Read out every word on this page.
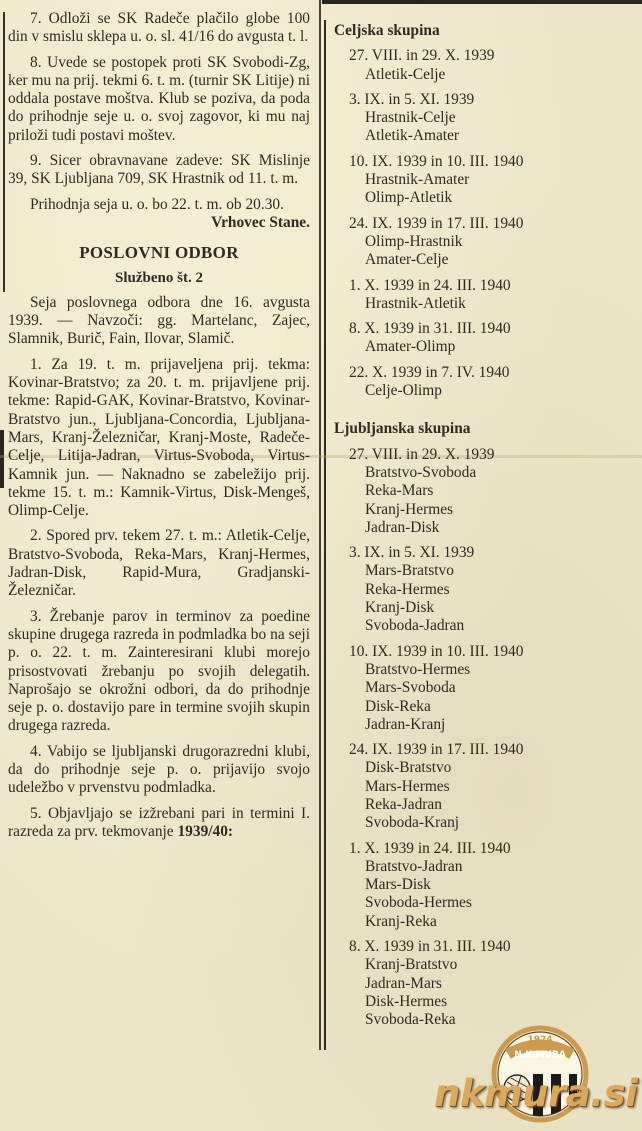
7. Odloži se SK Radeče plačilo globe 100 din v smislu sklepa u. o. sl. 41/16 do avgusta t. l.

8. Uvede se postopek proti SK Svobodi-Zg, ker mu na prij. tekmi 6. t. m. (turnir SK Litije) ni oddala postave moštva. Klub se poziva, da poda do prihodnje seje u. o. svoj zagovor, ki mu naj priloži tudi postavi moštev.

9. Sicer obravnavane zadeve: SK Mislinje 39, SK Ljubljana 709, SK Hrastnik od 11. t. m.

Prihodnja seja u. o. bo 22. t. m. ob 20.30.
Vrhovec Stane.

POSLOVNI ODBOR
Službeno št. 2

Seja poslovnega odbora dne 16. avgusta 1939. — Navzoči: gg. Martelanc, Zajec, Slamnik, Burič, Fain, Ilovar, Slamič.

1. Za 19. t. m. prijaveljena prij. tekma: Kovinar-Bratstvo; za 20. t. m. prijavljene prij. tekme: Rapid-GAK, Kovinar-Bratstvo, Kovinar-Bratstvo jun., Ljubljana-Concordia, Ljubljana-Mars, Kranj-Železničar, Kranj-Moste, Radeče-Celje, Litija-Jadran, Virtus-Svoboda, Virtus-Kamnik jun. — Naknadno se zabeležijo prij. tekme 15. t. m.: Kamnik-Virtus, Disk-Mengeš, Olimp-Celje.

2. Spored prv. tekem 27. t. m.: Atletik-Celje, Bratstvo-Svoboda, Reka-Mars, Kranj-Hermes, Jadran-Disk, Rapid-Mura, Gradjanski-Železničar.

3. Žrebanje parov in terminov za poedine skupine drugega razreda in podmladka bo na seji p. o. 22. t. m. Zainteresirani klubi morejo prisostvovati žrebanju po svojih delegatih. Naprošajo se okrožni odbori, da do prihodnje seje p. o. dostavijo pare in termine svojih skupin drugega razreda.

4. Vabijo se ljubljanski drugorazredni klubi, da do prihodnje seje p. o. prijavijo svojo udeležbo v prvenstvu podmladka.

5. Objavljajo se izžrebani pari in termini I. razreda za prv. tekmovanje 1939/40:

Celjska skupina
27. VIII. in 29. X. 1939
Atletik-Celje
3. IX. in 5. XI. 1939
Hrastnik-Celje
Atletik-Amater
10. IX. 1939 in 10. III. 1940
Hrastnik-Amater
Olimp-Atletik
24. IX. 1939 in 17. III. 1940
Olimp-Hrastnik
Amater-Celje
1. X. 1939 in 24. III. 1940
Hrastnik-Atletik
8. X. 1939 in 31. III. 1940
Amater-Olimp
22. X. 1939 in 7. IV. 1940
Celje-Olimp
Ljubljanska skupina
27. VIII. in 29. X. 1939
Bratstvo-Svoboda
Reka-Mars
Kranj-Hermes
Jadran-Disk
3. IX. in 5. XI. 1939
Mars-Bratstvo
Reka-Hermes
Kranj-Disk
Svoboda-Jadran
10. IX. 1939 in 10. III. 1940
Bratstvo-Hermes
Mars-Svoboda
Disk-Reka
Jadran-Kranj
24. IX. 1939 in 17. III. 1940
Disk-Bratstvo
Mars-Hermes
Reka-Jadran
Svoboda-Kranj
1. X. 1939 in 24. III. 1940
Bratstvo-Jadran
Mars-Disk
Svoboda-Hermes
Kranj-Reka
8. X. 1939 in 31. III. 1940
Kranj-Bratstvo
Jadran-Mars
Disk-Hermes
Svoboda-Reka
1924
N.K.MURA
nkmura.si
